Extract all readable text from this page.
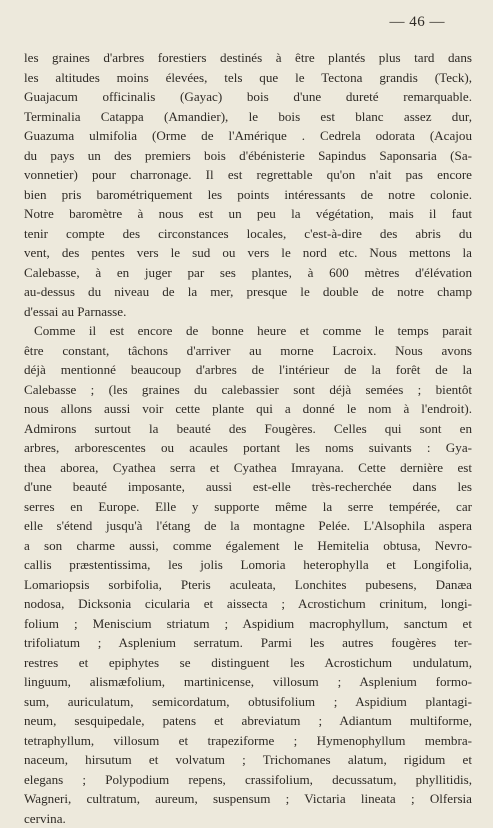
— 46 —
les graines d'arbres forestiers destinés à être plantés plus tard dans
les altitudes moins élevées, tels que le Tectona grandis (Teck),
Guajacum officinalis (Gayac) bois d'une dureté remarquable.
Terminalia Catappa (Amandier), le bois est blanc assez dur,
Guazuma ulmifolia (Orme de l'Amérique . Cedrela odorata (Acajou
du pays un des premiers bois d'ébénisterie Sapindus Saponsaria (Sa-
vonnetier) pour charronage. Il est regrettable qu'on n'ait pas encore
bien pris barométriquement les points intéressants de notre colonie.
Notre baromètre à nous est un peu la végétation, mais il faut
tenir compte des circonstances locales, c'est-à-dire des abris du
vent, des pentes vers le sud ou vers le nord etc. Nous mettons la
Calebasse, à en juger par ses plantes, à 600 mètres d'élévation
au-dessus du niveau de la mer, presque le double de notre champ
d'essai au Parnasse.
Comme il est encore de bonne heure et comme le temps parait
être constant, tâchons d'arriver au morne Lacroix. Nous avons
déjà mentionné beaucoup d'arbres de l'intérieur de la forêt de la
Calebasse ; (les graines du calebassier sont déjà semées ; bientôt
nous allons aussi voir cette plante qui a donné le nom à l'endroit).
Admirons surtout la beauté des Fougères. Celles qui sont en
arbres, arborescentes ou acaules portant les noms suivants : Gya-
thea aborea, Cyathea serra et Cyathea Imrayana. Cette dernière est
d'une beauté imposante, aussi est-elle très-recherchée dans les
serres en Europe. Elle y supporte même la serre tempérée, car
elle s'étend jusqu'à l'étang de la montagne Pelée. L'Alsophila aspera
a son charme aussi, comme également le Hemitelia obtusa, Nevro-
callis præstentissima, les jolis Lomoria heterophylla et Longifolia,
Lomariopsis sorbifolia, Pteris aculeata, Lonchites pubesens, Danæa
nodosa, Dicksonia cicularia et aissecta ; Acrostichum crinitum, longi-
folium ; Meniscium striatum ; Aspidium macrophyllum, sanctum et
trifoliatum ; Asplenium serratum. Parmi les autres fougères ter-
restres et epiphytes se distinguent les Acrostichum undulatum,
linguum, alismæfolium, martinicense, villosum ; Asplenium formo-
sum, auriculatum, semicordatum, obtusifolium ; Aspidium plantagi-
neum, sesquipedale, patens et abreviatum ; Adiantum multiforme,
tetraphyllum, villosum et trapeziforme ; Hymenophyllum membra-
naceum, hirsutum et volvatum ; Trichomanes alatum, rigidum et
elegans ; Polypodium repens, crassifolium, decussatum, phyllitidis,
Wagneri, cultratum, aureum, suspensum ; Victaria lineata ; Olfersia
cervina.
